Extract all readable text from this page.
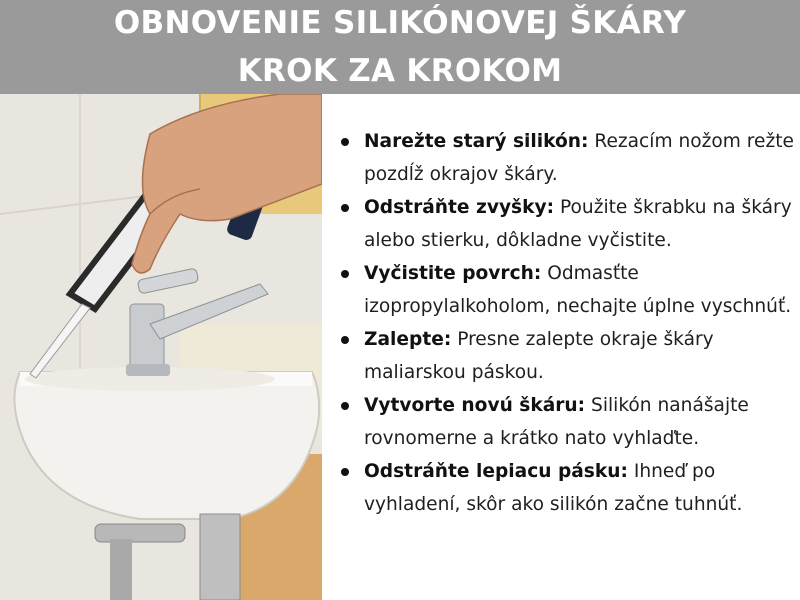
OBNOVENIE SILIKÓNOVEJ ŠKÁRY
KROK ZA KROKOM
Narežte starý silikón: Rezacím nožom režte pozdĺž okrajov škáry.
Odstráňte zvyšky: Použite škrabku na škáry alebo stierku, dôkladne vyčistite.
Vyčistite povrch: Odmasťte izopropylalkoholom, nechajte úplne vyschnúť.
Zalepte: Presne zalepte okraje škáry maliarskou páskou.
Vytvorte novú škáru: Silikón nanášajte rovnomerne a krátko nato vyhlaďte.
Odstráňte lepiacu pásku: Ihneď po vyhladení, skôr ako silikón začne tuhnúť.
